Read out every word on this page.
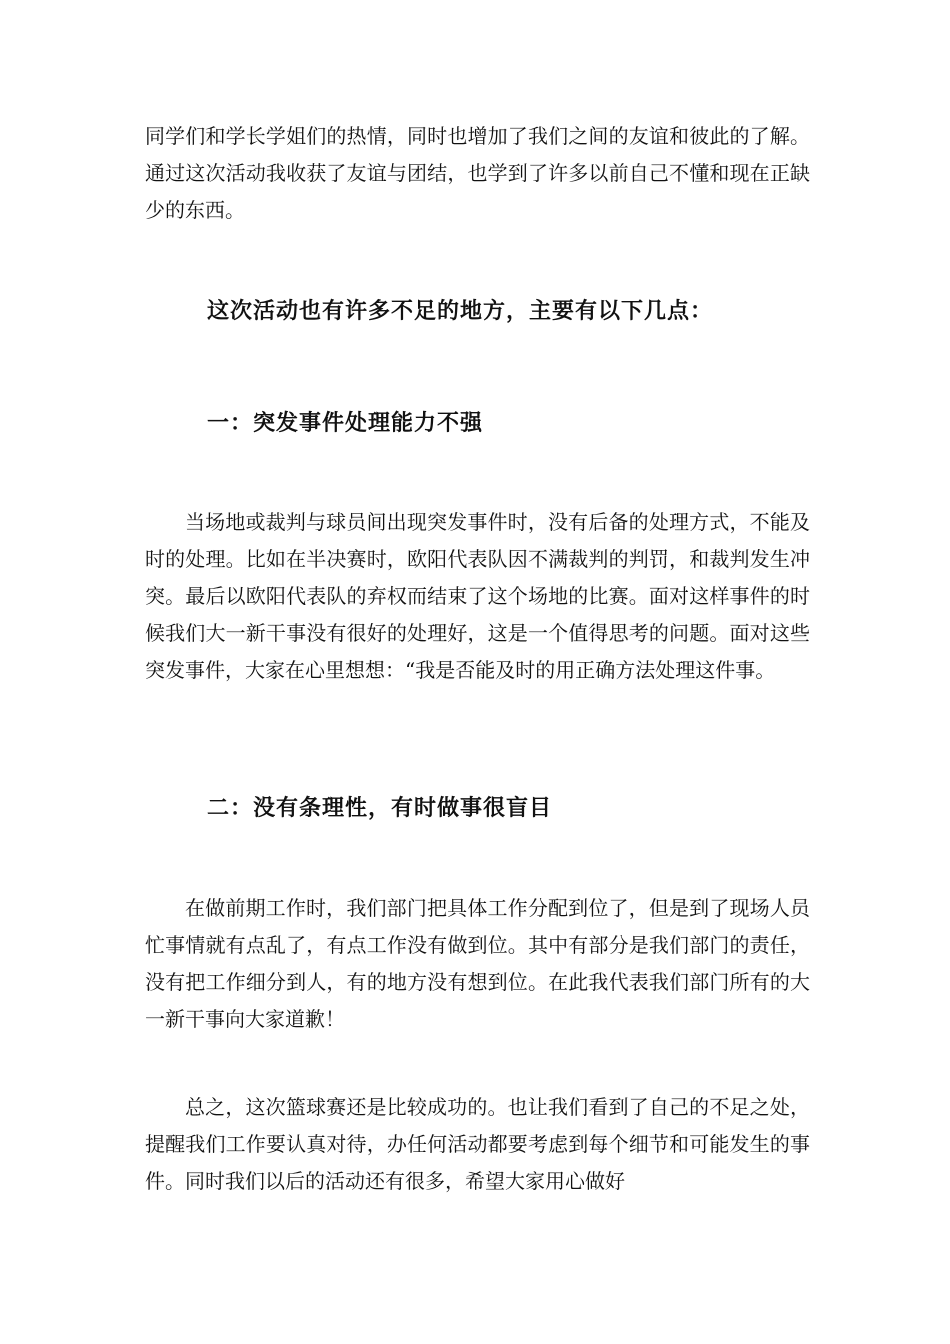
同学们和学长学姐们的热情，同时也增加了我们之间的友谊和彼此的了解。通过这次活动我收获了友谊与团结，也学到了许多以前自己不懂和现在正缺少的东西。

这次活动也有许多不足的地方，主要有以下几点：
一：突发事件处理能力不强

当场地或裁判与球员间出现突发事件时，没有后备的处理方式，不能及时的处理。比如在半决赛时，欧阳代表队因不满裁判的判罚，和裁判发生冲突。最后以欧阳代表队的弃权而结束了这个场地的比赛。面对这样事件的时候我们大一新干事没有很好的处理好，这是一个值得思考的问题。面对这些突发事件，大家在心里想想：“我是否能及时的用正确方法处理这件事。

二：没有条理性，有时做事很盲目

在做前期工作时，我们部门把具体工作分配到位了，但是到了现场人员忙事情就有点乱了，有点工作没有做到位。其中有部分是我们部门的责任，没有把工作细分到人，有的地方没有想到位。在此我代表我们部门所有的大一新干事向大家道歉！

总之，这次篮球赛还是比较成功的。也让我们看到了自己的不足之处，提醒我们工作要认真对待，办任何活动都要考虑到每个细节和可能发生的事件。同时我们以后的活动还有很多，希望大家用心做好
